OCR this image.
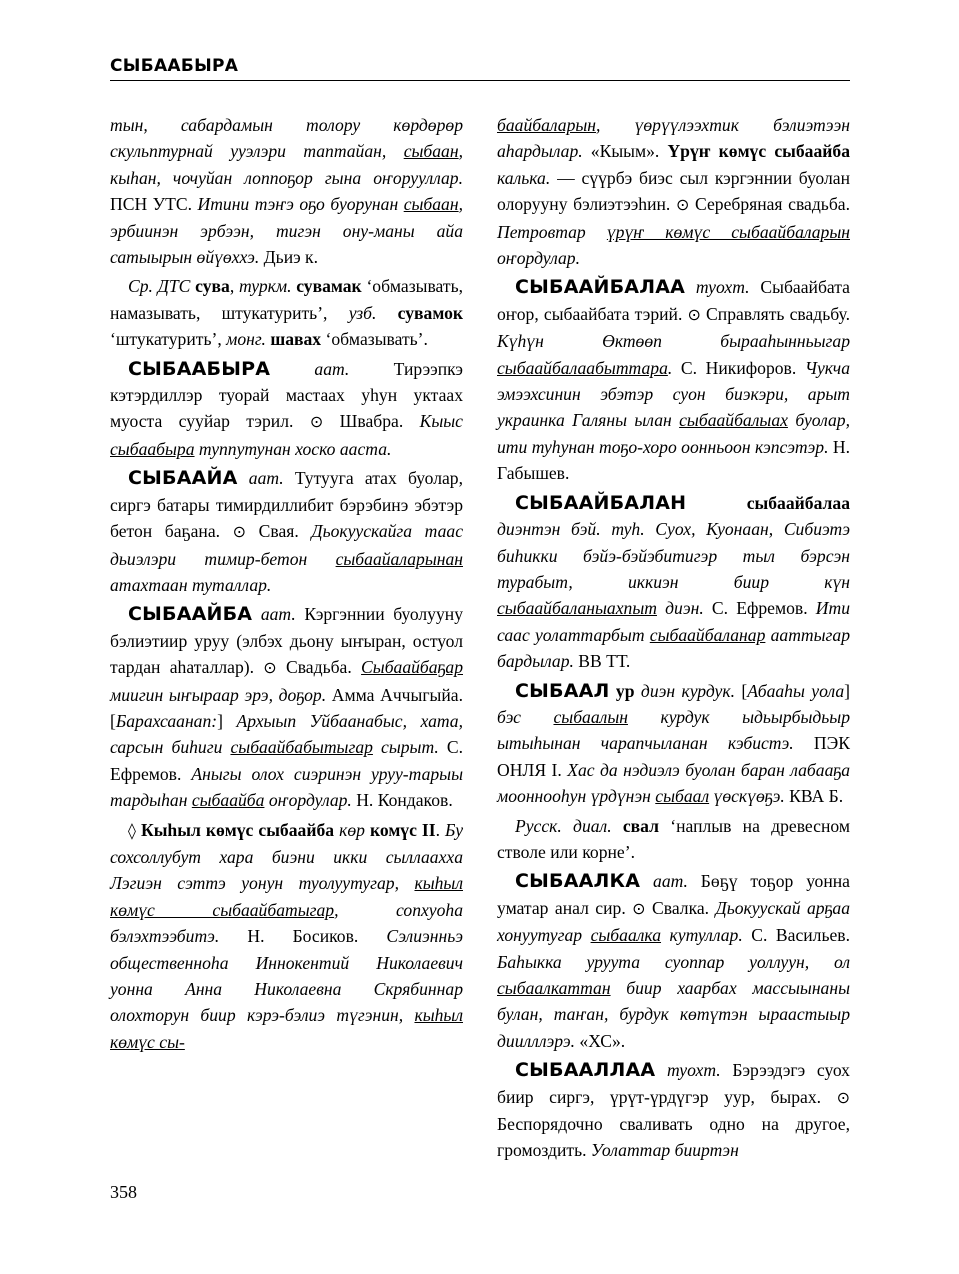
СЫБААБЫРА

тын, сабардамын толору көрдөрөр скульптурнай ууэлэри таптайан, сыбаан, кыһан, чочуйан лоппоҕор гына оҥорууллар. ПСН УТС. Итини тэҥэ оҕо буорунан сыбаан, эрбиинэн эрбээн, тигэн ону-маны айа сатыырын өйүөххэ. Дьиэ к.

Ср. ДТС сува, туркм. сувамак ‘обмазывать, намазывать, штукатурить’, узб. сувамок ‘штукатурить’, монг. шавах ‘обмазывать’.

СЫБААБЫРА	аат. Тирээпкэ кэтэрдиллэр туорай мастаах уһун уктаах муоста сууйар тэрил. ⊙ Швабра. Кыыс сыбаабыра туппутунан хоско ааста.

СЫБААЙА аат. Тутууга атах буолар, сиргэ батары тимирдиллибит бэрэбинэ эбэтэр бетон баҕана. ⊙ Свая. Дьокуускайга таас дьиэлэри тимир-бетон сыбаайаларынан атахтаан туталлар.

СЫБААЙБА аат. Кэргэннии буолууну бэлиэтиир уруу (элбэх дьону ыҥыран, остуол тардан аһаталлар). ⊙ Свадьба. Сыбаайбаҕар миигин ыҥыраар эрэ, доҕор. Амма Аччыгыйа. [Барахсаанап:] Архыып Уйбаанабыс, хата, сарсын биһиги сыбаайбабытыгар сырыт. С. Ефремов. Аныгы олох сиэринэн уруу-тарыы тардыһан сыбаайба оҥордулар. Н. Кондаков.

◊ Кыһыл көмүс сыбаайба көр комүс II. Бу сохсоллубут хара биэни икки сыллааххa Лэгиэн сэттэ уонун туолуутугар, кыһыл көмүс сыбаайбатыгар, сопхуоһа бэлэхтээбитэ. Н. Босиков. Сэлиэнньэ общественноһа Иннокентий Николаевич уонна Анна Николаевна Скрябиннар олохторун биир кэрэ-бэлиэ түгэнин, кыһыл көмүс сы-

баайбаларын, үөрүүлээхтик бэлиэтээн аһардылар. «Кыым». Үрүҥ көмүс сыбаайба калька. — сүүрбэ биэс сыл кэргэннии буолан олорууну бэлиэтээһин. ⊙ Серебряная свадьба. Петровтар үрүҥ көмүс сыбаайбаларын оҥордулар.

СЫБААЙБАЛАА туохт. Сыбаайбата оҥор, сыбаайбата тэрий. ⊙ Справлять свадьбу. Күһүн Өктөөп бырааһынньыгар сыбаайбалаабыттара. С. Никифоров. Чукча эмээхсинин эбэтэр суон биэкэри, арыт украинка Галяны ылан сыбаайбалыах буолар, ити туһунан тоҕо-хоро оонньоон кэпсэтэр. Н. Габышев.

СЫБААЙБАЛАН	сыбаайбалаа диэнтэн бэй. туһ. Суох, Куонаан, Сибиэтэ биһикки бэйэ-бэйэбитигэр тыл бэрсэн турабыт, иккиэн биир күн сыбаайбаланыахпыт диэн. С. Ефремов. Ити саас уолаттарбыт сыбаайбаланар ааттыгар бардылар. ВВ ТТ.

СЫБААЛ ур диэн курдук. [Абааһы уола] бэс сыбаалын курдук ыдьырбыдьыр ытыһынан чарапчыланан кэбистэ. ПЭК ОНЛЯ I. Хас да нэдиэлэ буолан баран лабааҕа мооннооһун үрдүнэн сыбаал үөскүөҕэ. КВА Б.

Русск. диал. свал ‘наплыв на древесном стволе или корне’.

СЫБААЛКА аат. Бөҕү тоҕор уонна уматар анал сир. ⊙ Свалка. Дьокуускай арҕаа хонуутугар сыбаалка кутуллар. С. Васильев. Баһыкка уруута суоппар уоллуун, ол сыбаалкаттан биир хаарбах массыынаны булан, таҥан, бурдук көтүтэн ыраастыыр диилллэрэ. «ХС».

СЫБААЛЛАА туохт. Бэрээдэгэ суох биир сиргэ, үрүт-үрдүгэр уур, бырах. ⊙ Беспорядочно сваливать одно на другое, громоздить. Уолаттар бииртэн

358
